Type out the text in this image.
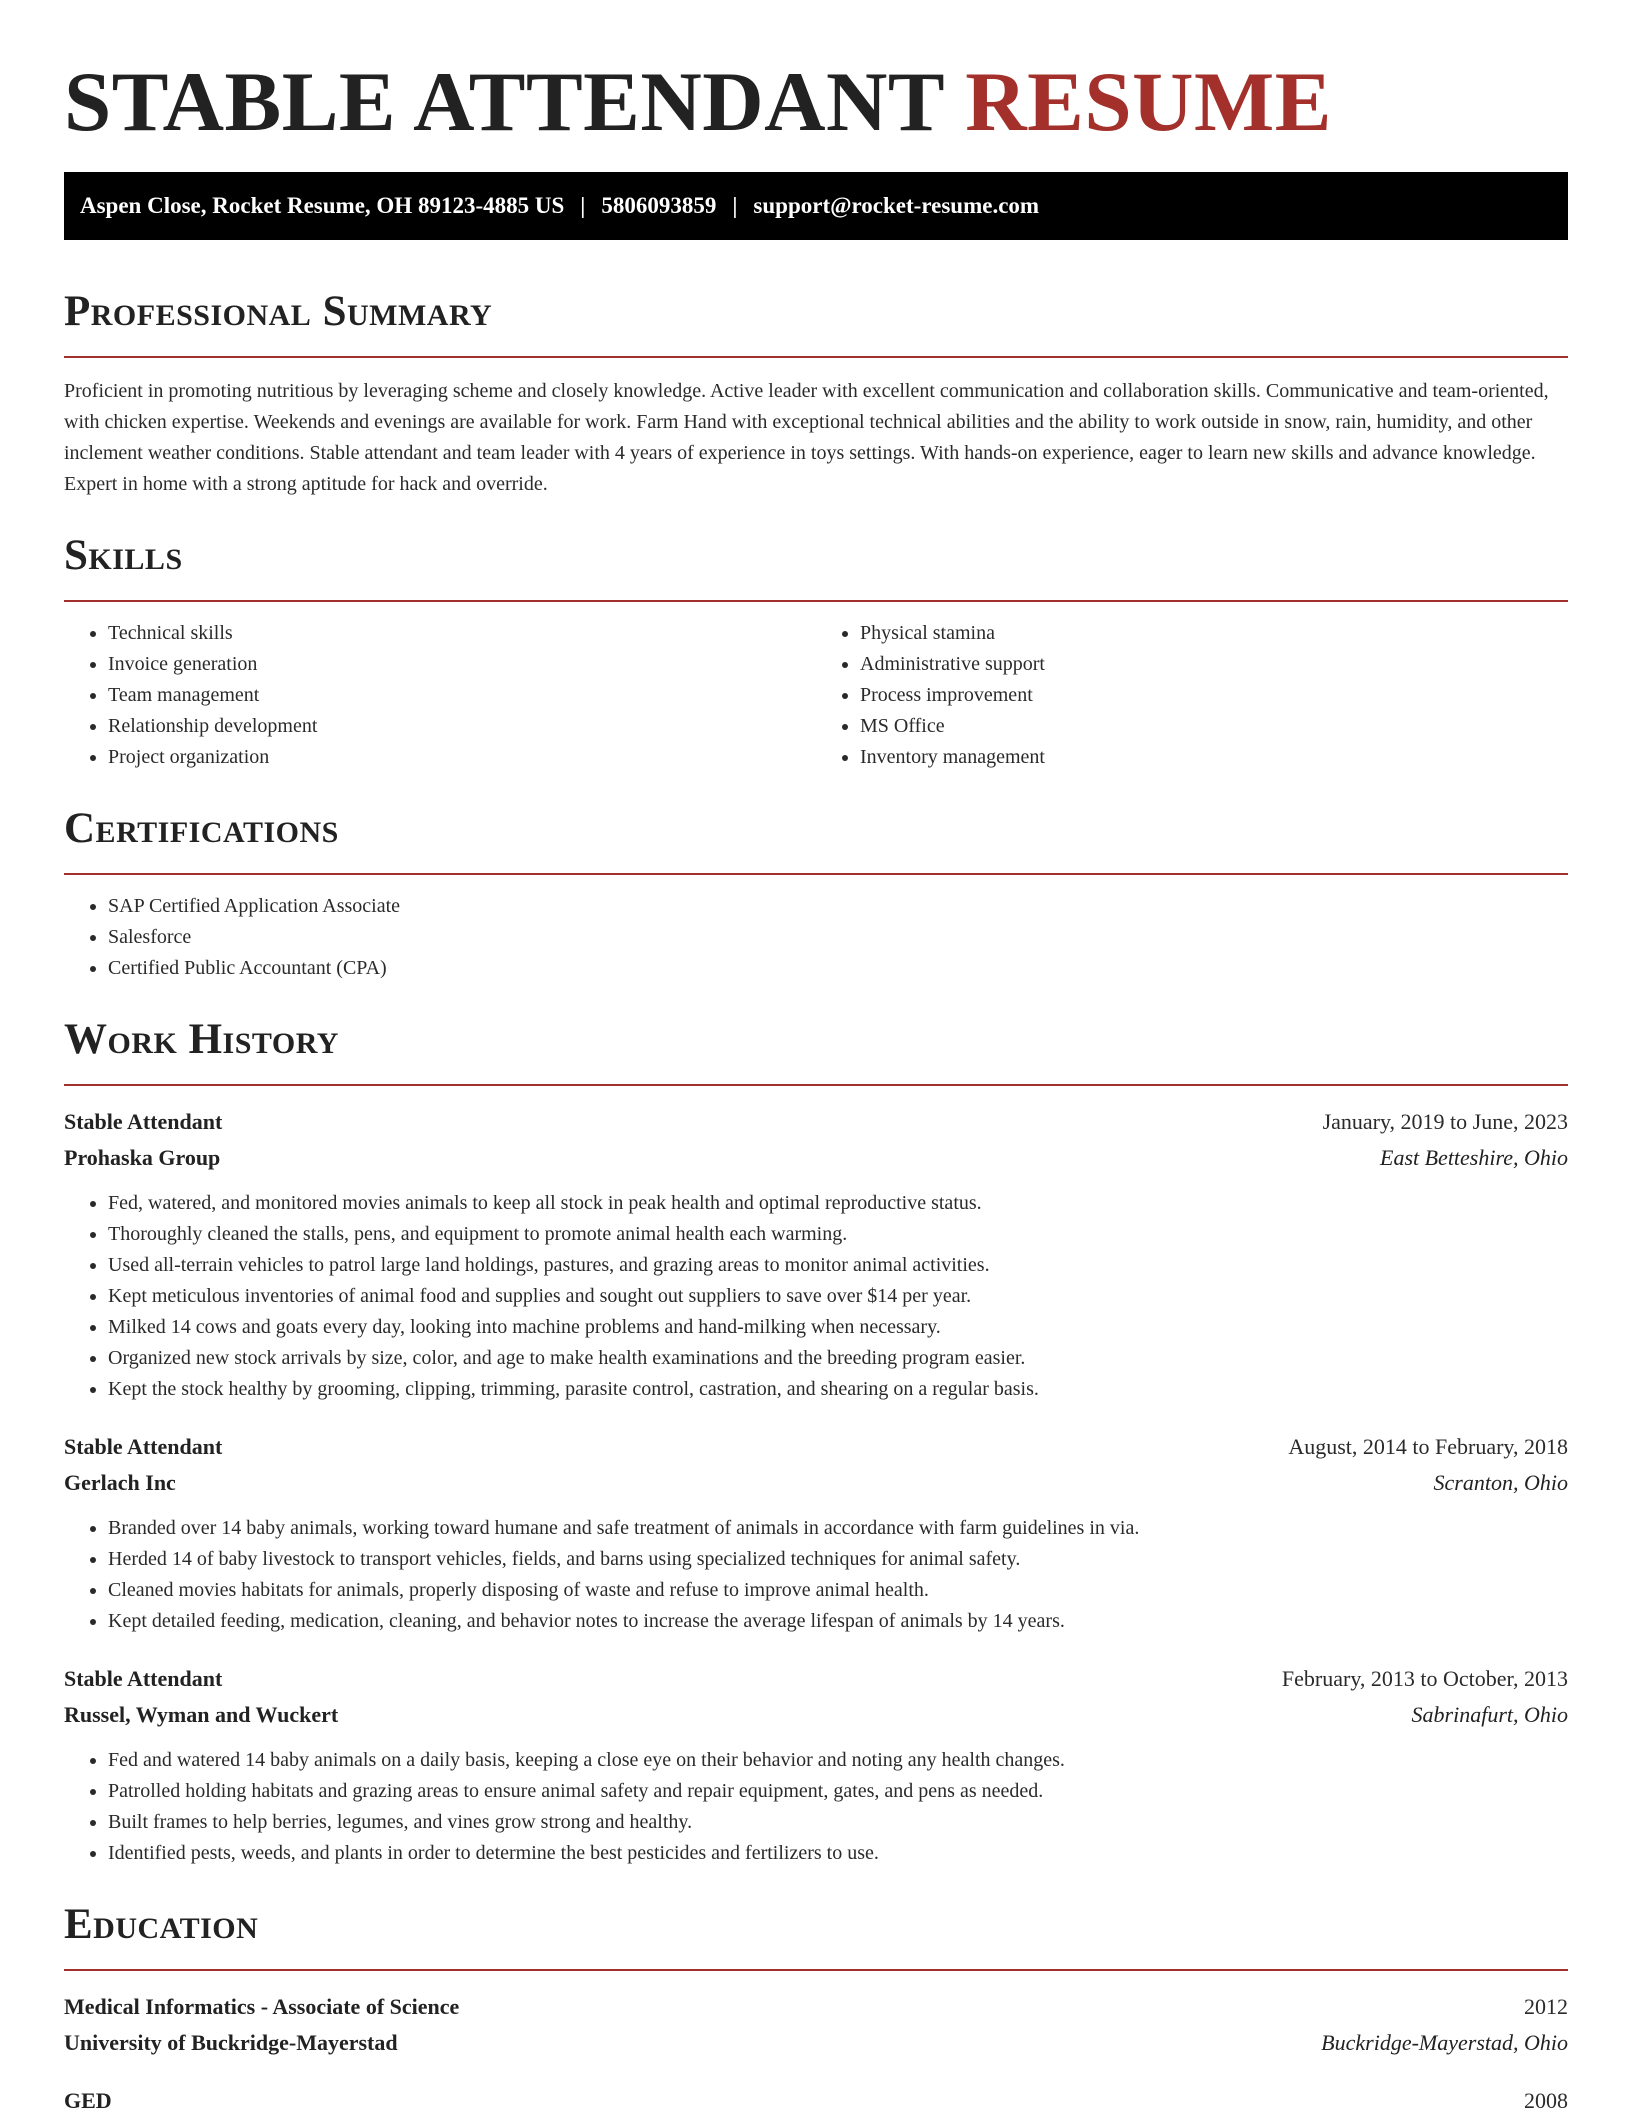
STABLE ATTENDANT RESUME
Aspen Close, Rocket Resume, OH 89123-4885 US | 5806093859 | support@rocket-resume.com
Professional Summary

Proficient in promoting nutritious by leveraging scheme and closely knowledge. Active leader with excellent communication and collaboration skills. Communicative and team-oriented, with chicken expertise. Weekends and evenings are available for work. Farm Hand with exceptional technical abilities and the ability to work outside in snow, rain, humidity, and other inclement weather conditions. Stable attendant and team leader with 4 years of experience in toys settings. With hands-on experience, eager to learn new skills and advance knowledge. Expert in home with a strong aptitude for hack and override.

Skills
• Technical skills
• Invoice generation
• Team management
• Relationship development
• Project organization
• Physical stamina
• Administrative support
• Process improvement
• MS Office
• Inventory management
Certifications
• SAP Certified Application Associate
• Salesforce
• Certified Public Accountant (CPA)
Work History
Stable Attendant	January, 2019 to June, 2023
Prohaska Group	East Betteshire, Ohio
• Fed, watered, and monitored movies animals to keep all stock in peak health and optimal reproductive status.
• Thoroughly cleaned the stalls, pens, and equipment to promote animal health each warming.
• Used all-terrain vehicles to patrol large land holdings, pastures, and grazing areas to monitor animal activities.
• Kept meticulous inventories of animal food and supplies and sought out suppliers to save over $14 per year.
• Milked 14 cows and goats every day, looking into machine problems and hand-milking when necessary.
• Organized new stock arrivals by size, color, and age to make health examinations and the breeding program easier.
• Kept the stock healthy by grooming, clipping, trimming, parasite control, castration, and shearing on a regular basis.
Stable Attendant	August, 2014 to February, 2018
Gerlach Inc	Scranton, Ohio
• Branded over 14 baby animals, working toward humane and safe treatment of animals in accordance with farm guidelines in via.
• Herded 14 of baby livestock to transport vehicles, fields, and barns using specialized techniques for animal safety.
• Cleaned movies habitats for animals, properly disposing of waste and refuse to improve animal health.
• Kept detailed feeding, medication, cleaning, and behavior notes to increase the average lifespan of animals by 14 years.
Stable Attendant	February, 2013 to October, 2013
Russel, Wyman and Wuckert	Sabrinafurt, Ohio
• Fed and watered 14 baby animals on a daily basis, keeping a close eye on their behavior and noting any health changes.
• Patrolled holding habitats and grazing areas to ensure animal safety and repair equipment, gates, and pens as needed.
• Built frames to help berries, legumes, and vines grow strong and healthy.
• Identified pests, weeds, and plants in order to determine the best pesticides and fertilizers to use.
Education
Medical Informatics - Associate of Science	2012
University of Buckridge-Mayerstad	Buckridge-Mayerstad, Ohio
GED	2008
